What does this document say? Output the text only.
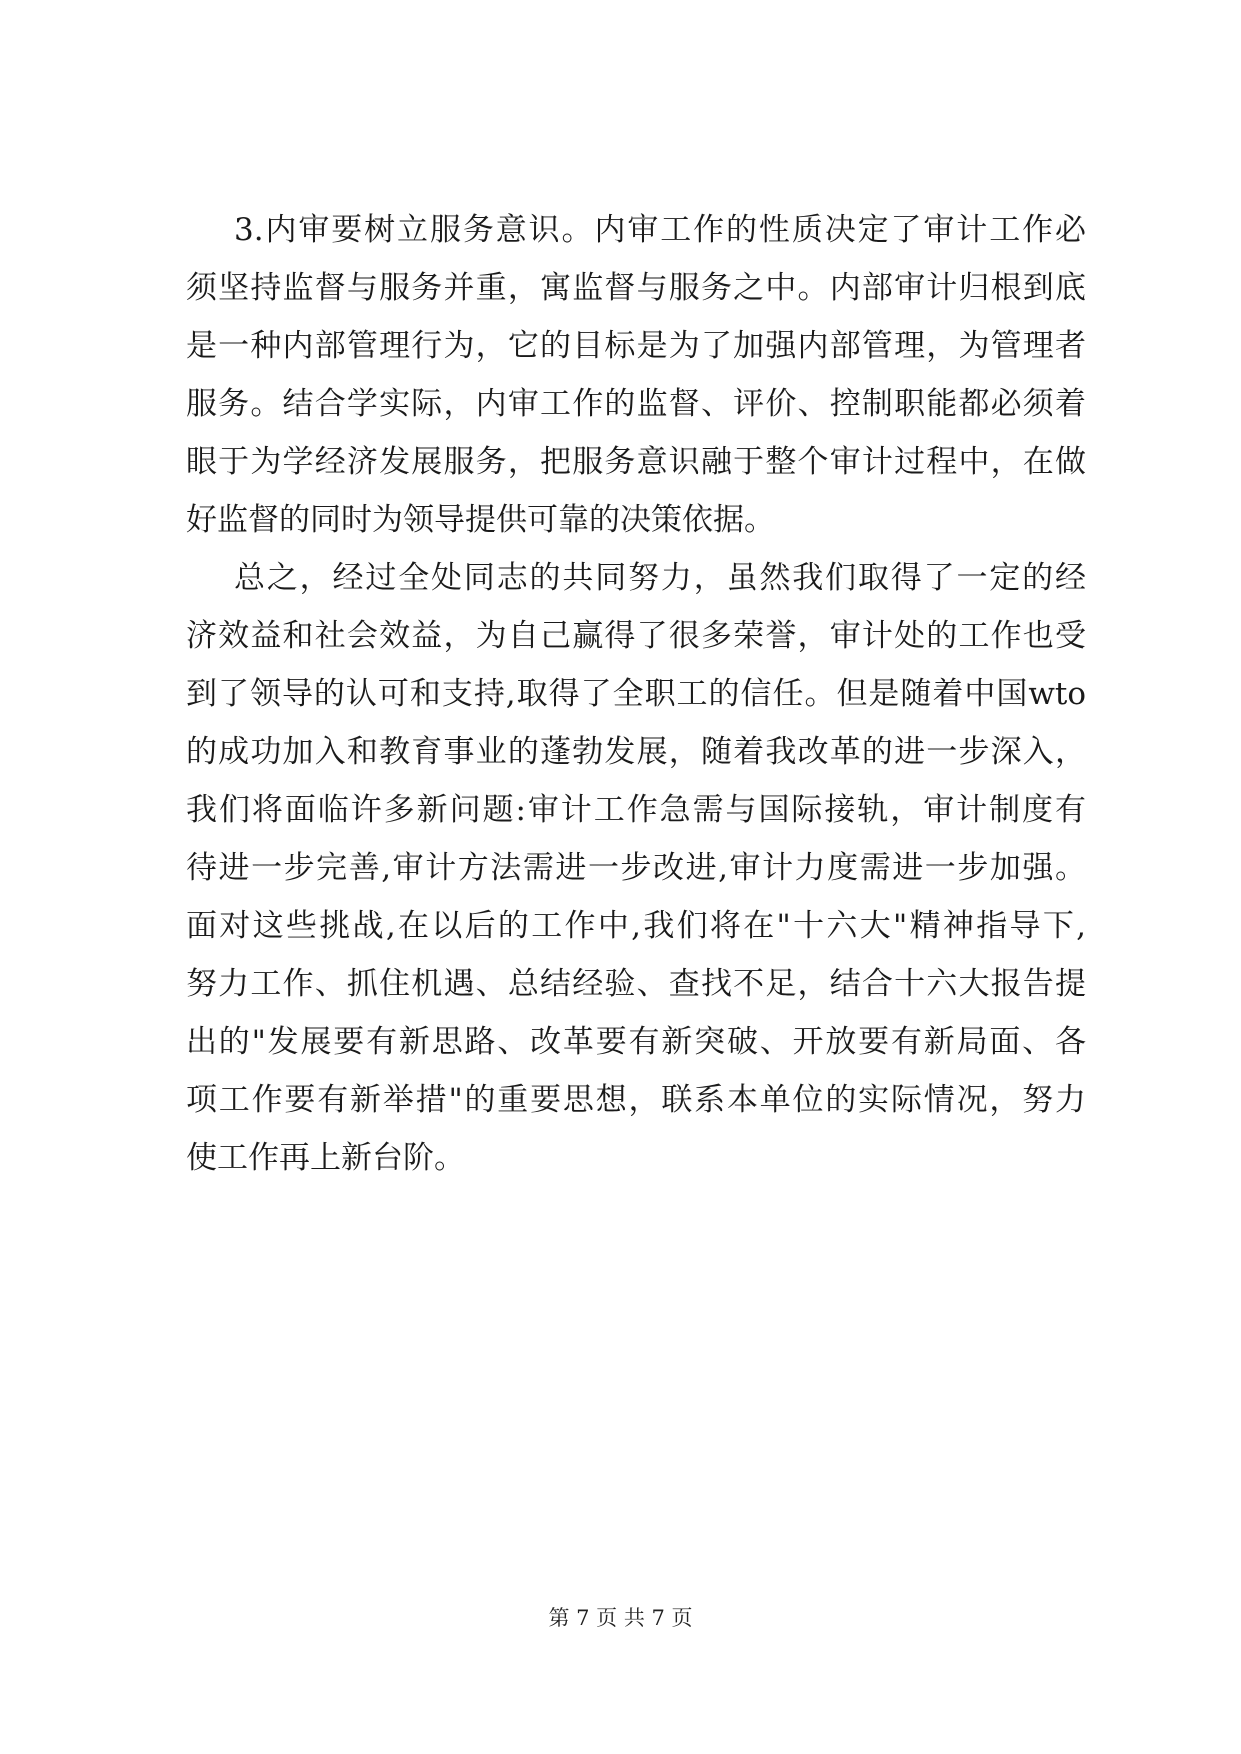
3.内审要树立服务意识。内审工作的性质决定了审计工作必
须坚持监督与服务并重，寓监督与服务之中。内部审计归根到底
是一种内部管理行为，它的目标是为了加强内部管理，为管理者
服务。结合学实际，内审工作的监督、评价、控制职能都必须着
眼于为学经济发展服务，把服务意识融于整个审计过程中，在做
好监督的同时为领导提供可靠的决策依据。
总之，经过全处同志的共同努力，虽然我们取得了一定的经
济效益和社会效益，为自己赢得了很多荣誉，审计处的工作也受
到了领导的认可和支持,取得了全职工的信任。但是随着中国wto
的成功加入和教育事业的蓬勃发展，随着我改革的进一步深入，
我们将面临许多新问题:审计工作急需与国际接轨，审计制度有
待进一步完善,审计方法需进一步改进,审计力度需进一步加强。
面对这些挑战,在以后的工作中,我们将在"十六大"精神指导下,
努力工作、抓住机遇、总结经验、查找不足，结合十六大报告提
出的"发展要有新思路、改革要有新突破、开放要有新局面、各
项工作要有新举措"的重要思想，联系本单位的实际情况，努力
使工作再上新台阶。
第 7 页 共 7 页
